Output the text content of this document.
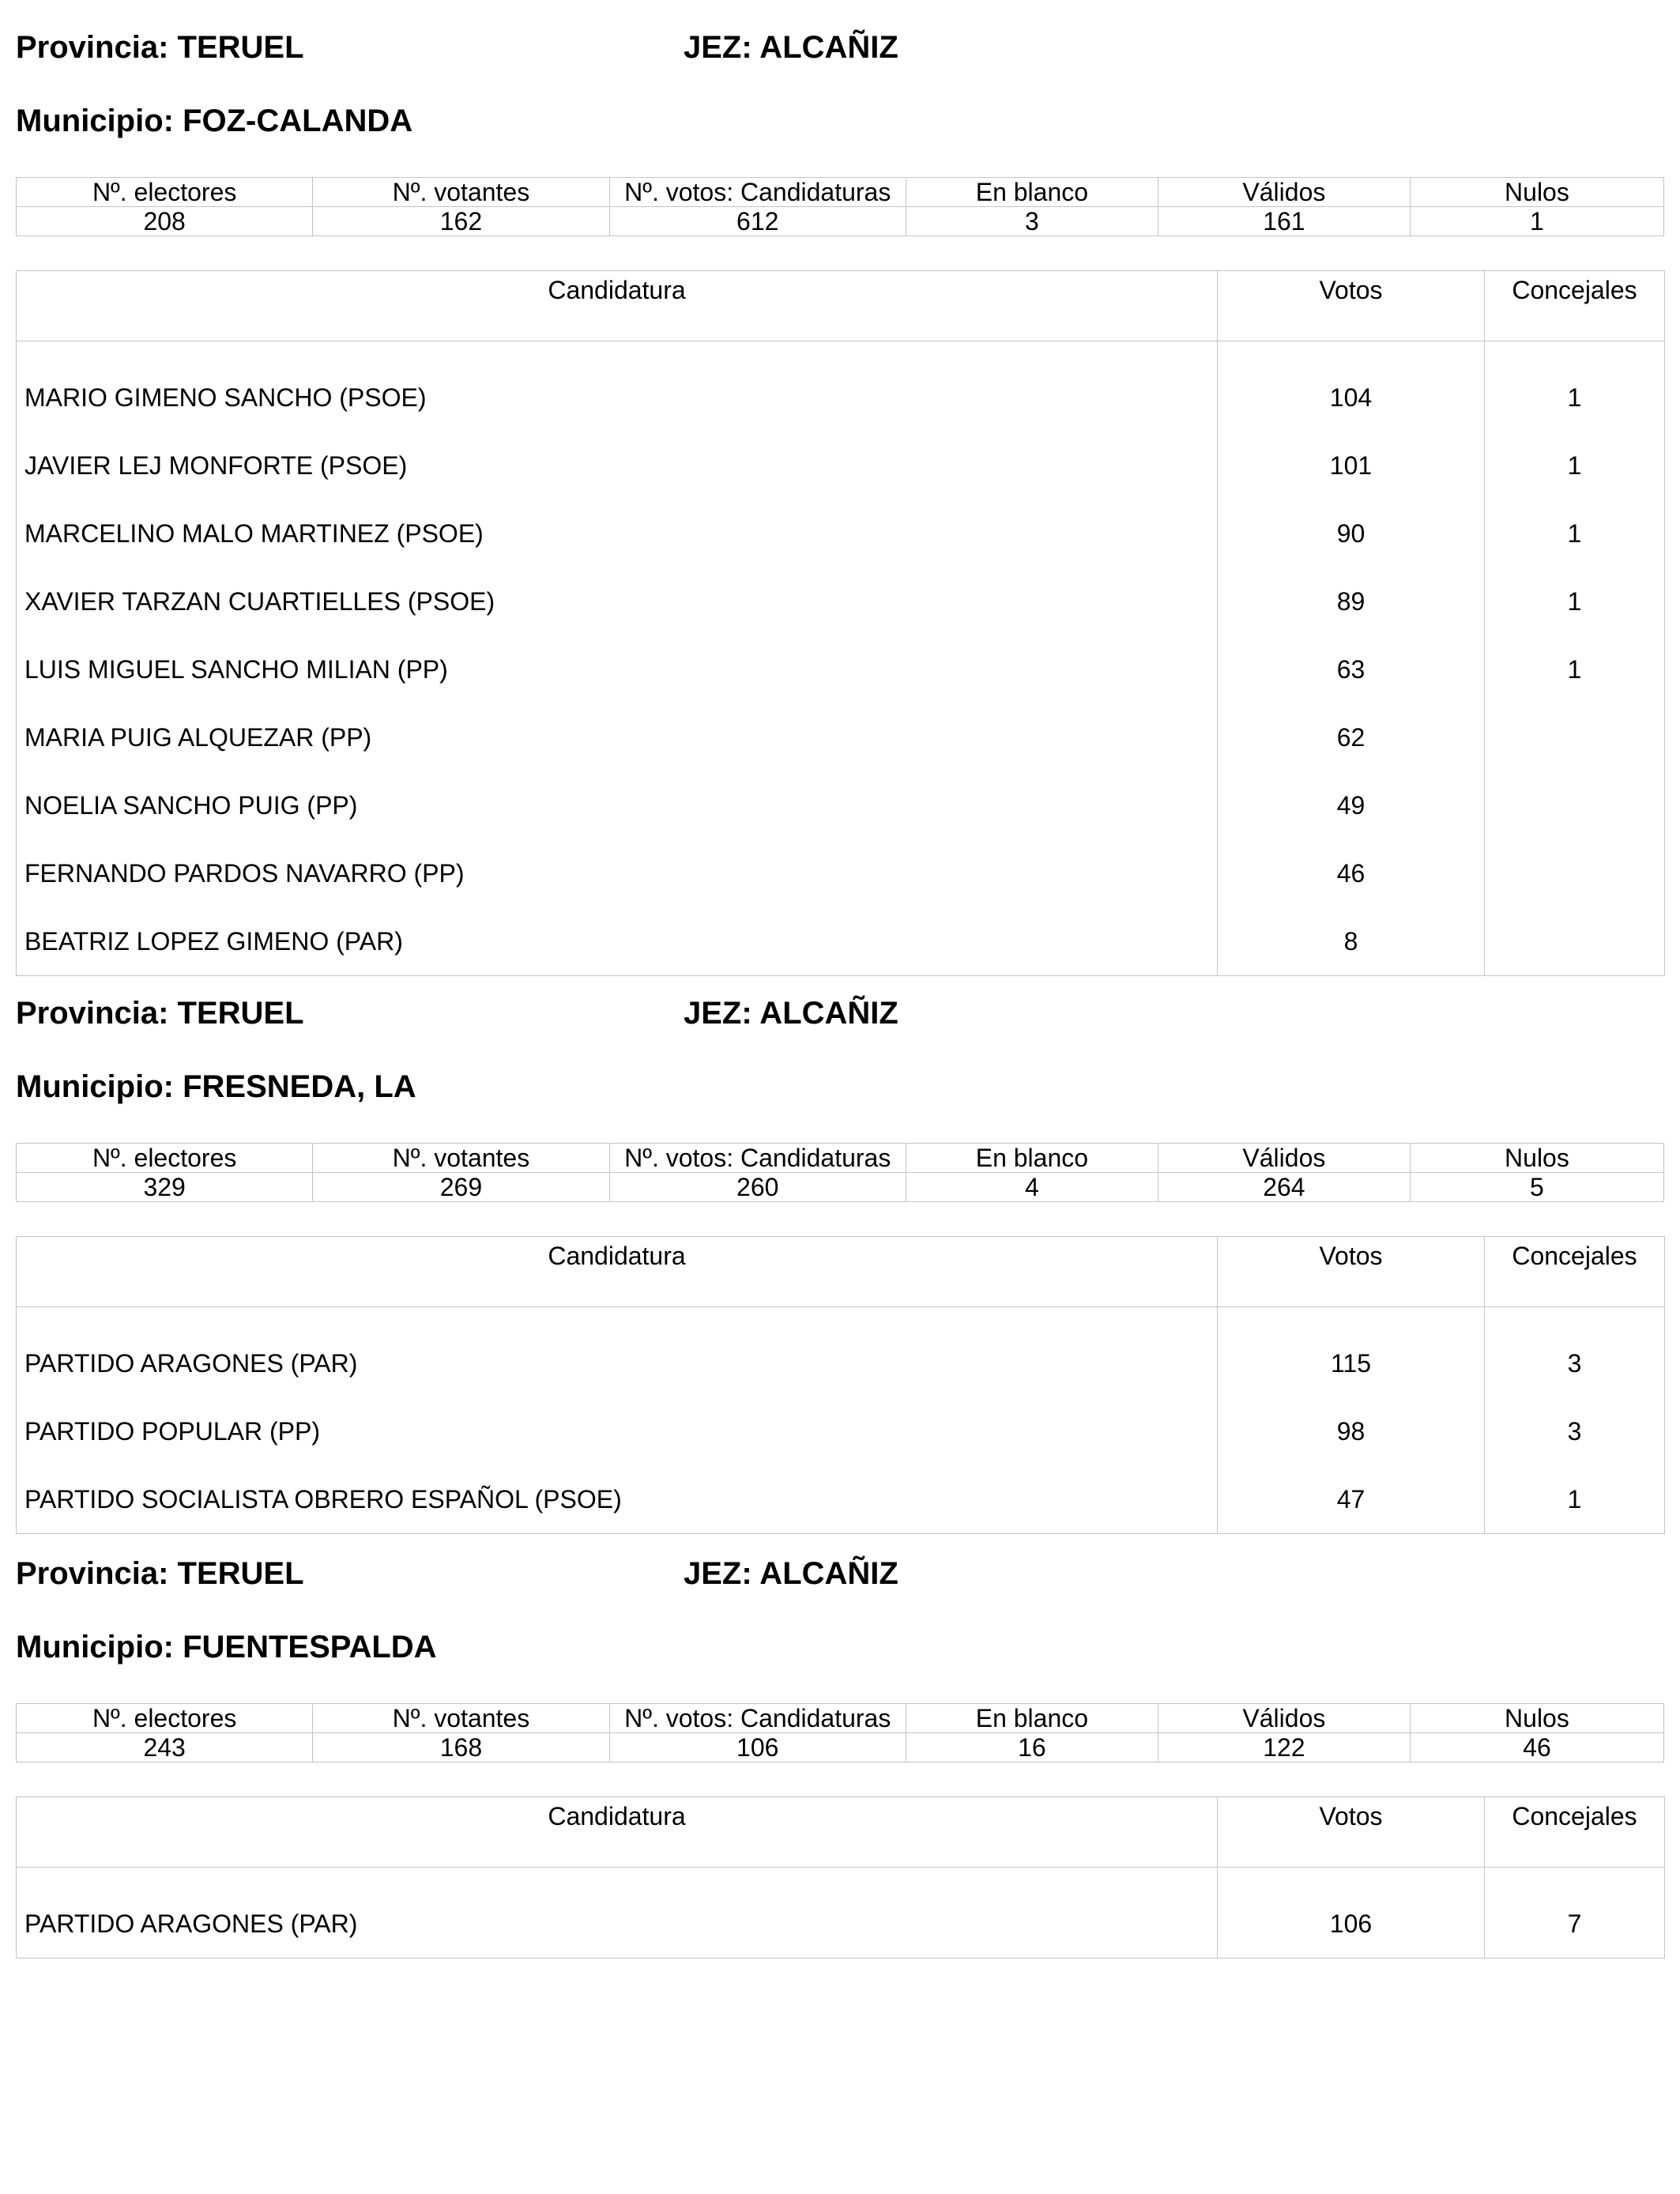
Provincia: TERUEL	JEZ: ALCAÑIZ
Municipio: FOZ-CALANDA
Nº. electores	Nº. votantes	Nº. votos: Candidaturas	En blanco	Válidos	Nulos
208	162	612	3	161	1
Candidatura	Votos	Concejales
MARIO GIMENO SANCHO (PSOE)	104	1
JAVIER LEJ MONFORTE (PSOE)	101	1
MARCELINO MALO MARTINEZ (PSOE)	90	1
XAVIER TARZAN CUARTIELLES (PSOE)	89	1
LUIS MIGUEL SANCHO MILIAN (PP)	63	1
MARIA PUIG ALQUEZAR (PP)	62	
NOELIA SANCHO PUIG (PP)	49	
FERNANDO PARDOS NAVARRO (PP)	46	
BEATRIZ LOPEZ GIMENO (PAR)	8	
Provincia: TERUEL	JEZ: ALCAÑIZ
Municipio: FRESNEDA, LA
Nº. electores	Nº. votantes	Nº. votos: Candidaturas	En blanco	Válidos	Nulos
329	269	260	4	264	5
Candidatura	Votos	Concejales
PARTIDO ARAGONES (PAR)	115	3
PARTIDO POPULAR (PP)	98	3
PARTIDO SOCIALISTA OBRERO ESPAÑOL (PSOE)	47	1
Provincia: TERUEL	JEZ: ALCAÑIZ
Municipio: FUENTESPALDA
Nº. electores	Nº. votantes	Nº. votos: Candidaturas	En blanco	Válidos	Nulos
243	168	106	16	122	46
Candidatura	Votos	Concejales
PARTIDO ARAGONES (PAR)	106	7
